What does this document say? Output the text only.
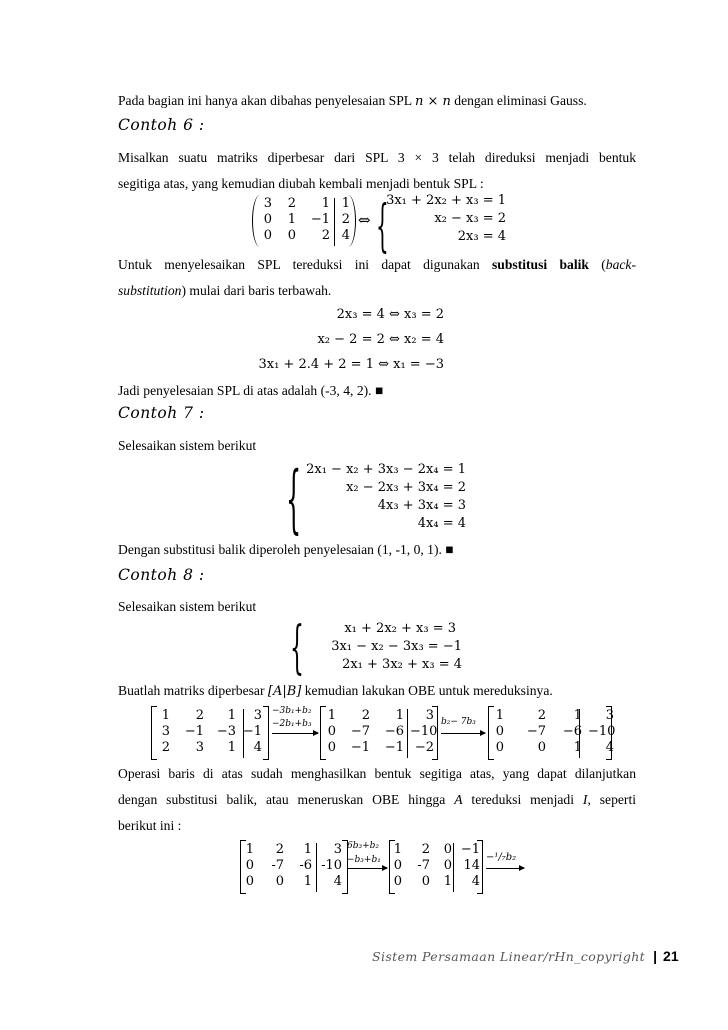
Pada bagian ini hanya akan dibahas penyelesaian SPL n × n dengan eliminasi Gauss.
Contoh 6 :
Misalkan suatu matriks diperbesar dari SPL 3 × 3 telah direduksi menjadi bentuk
segitiga atas, yang kemudian diubah kembali menjadi bentuk SPL :
3	2	1 1
0	1	−1 2
0	0	2 4
⇔ {
3x₁ + 2x₂ + x₃ = 1
x₂ − x₃ = 2
2x₃ = 4
Untuk menyelesaikan SPL tereduksi ini dapat digunakan substitusi balik (back-
substitution) mulai dari baris terbawah.
2x₃ = 4 ⇔ x₃ = 2
x₂ − 2 = 2 ⇔ x₂ = 4
3x₁ + 2.4 + 2 = 1 ⇔ x₁ = −3
Jadi penyelesaian SPL di atas adalah (-3, 4, 2). ■
Contoh 7 :
Selesaikan sistem berikut
{ 2x₁ − x₂ + 3x₃ − 2x₄ = 1
x₂ − 2x₃ + 3x₄ = 2
4x₃ + 3x₄ = 3
4x₄ = 4
Dengan substitusi balik diperoleh penyelesaian (1, -1, 0, 1). ■
Contoh 8 :
Selesaikan sistem berikut
{	x₁ + 2x₂ + x₃ = 3
3x₁ − x₂ − 3x₃ = −1
2x₁ + 3x₂ + x₃ = 4
Buatlah matriks diperbesar [A|B] kemudian lakukan OBE untuk mereduksinya.
1	2	1	3
3	−1 −3 −1
2	3	1	4
−3b₁+b₂
−2b₁+b₃
1	2	1	3
0	−7	−6 −10
0	−1	−1 −2
b₂− 7b₃	1	2	1	3
0	−7	−6 −10
0	0	1	4
Operasi baris di atas sudah menghasilkan bentuk segitiga atas, yang dapat dilanjutkan
dengan substitusi balik, atau meneruskan OBE hingga A tereduksi menjadi I, seperti
berikut ini :
1	2	1	3
0	-7	-6 -10
0	0	1	4
6b₃+b₂
−b₃+b₁
1	2	0 −1
0	-7	0 14
0	0	1	4
−¹/₇b₂
Sistem Persamaan Linear/rHn_copyright | 21
